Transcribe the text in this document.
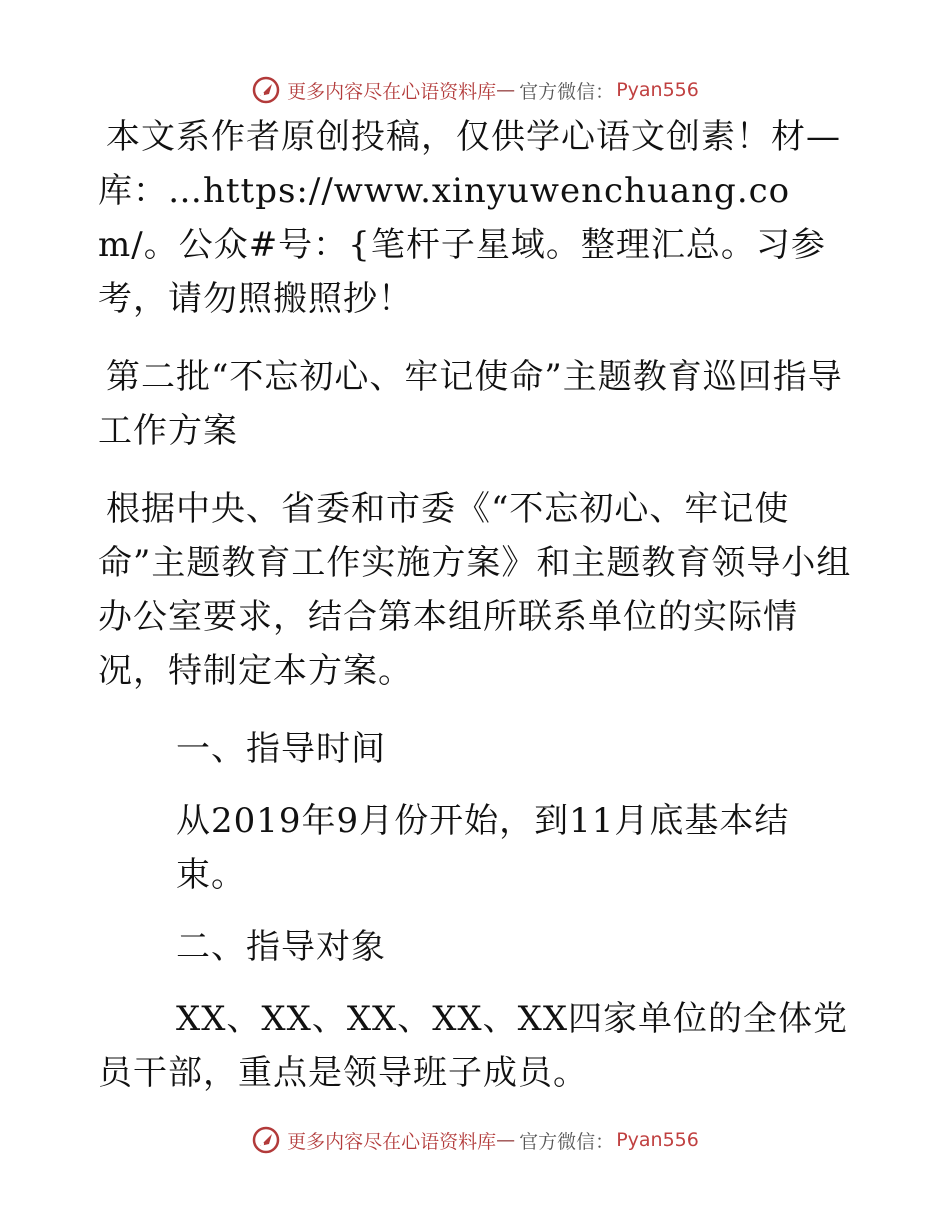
更多内容尽在心语资料库 — 官方微信： Pyan556

本文系作者原创投稿，仅供学心语文创素！材—库：…https://www.xinyuwenchuang.com/。公众#号：{笔杆子星域。整理汇总。习参考，请勿照搬照抄！

第二批“不忘初心、牢记使命”主题教育巡回指导工作方案

根据中央、省委和市委《“不忘初心、牢记使命”主题教育工作实施方案》和主题教育领导小组办公室要求，结合第本组所联系单位的实际情况，特制定本方案。

一、指导时间

从2019年9月份开始，到11月底基本结束。

二、指导对象

XX、XX、XX、XX、XX四家单位的全体党员干部，重点是领导班子成员。

更多内容尽在心语资料库 — 官方微信： Pyan556
